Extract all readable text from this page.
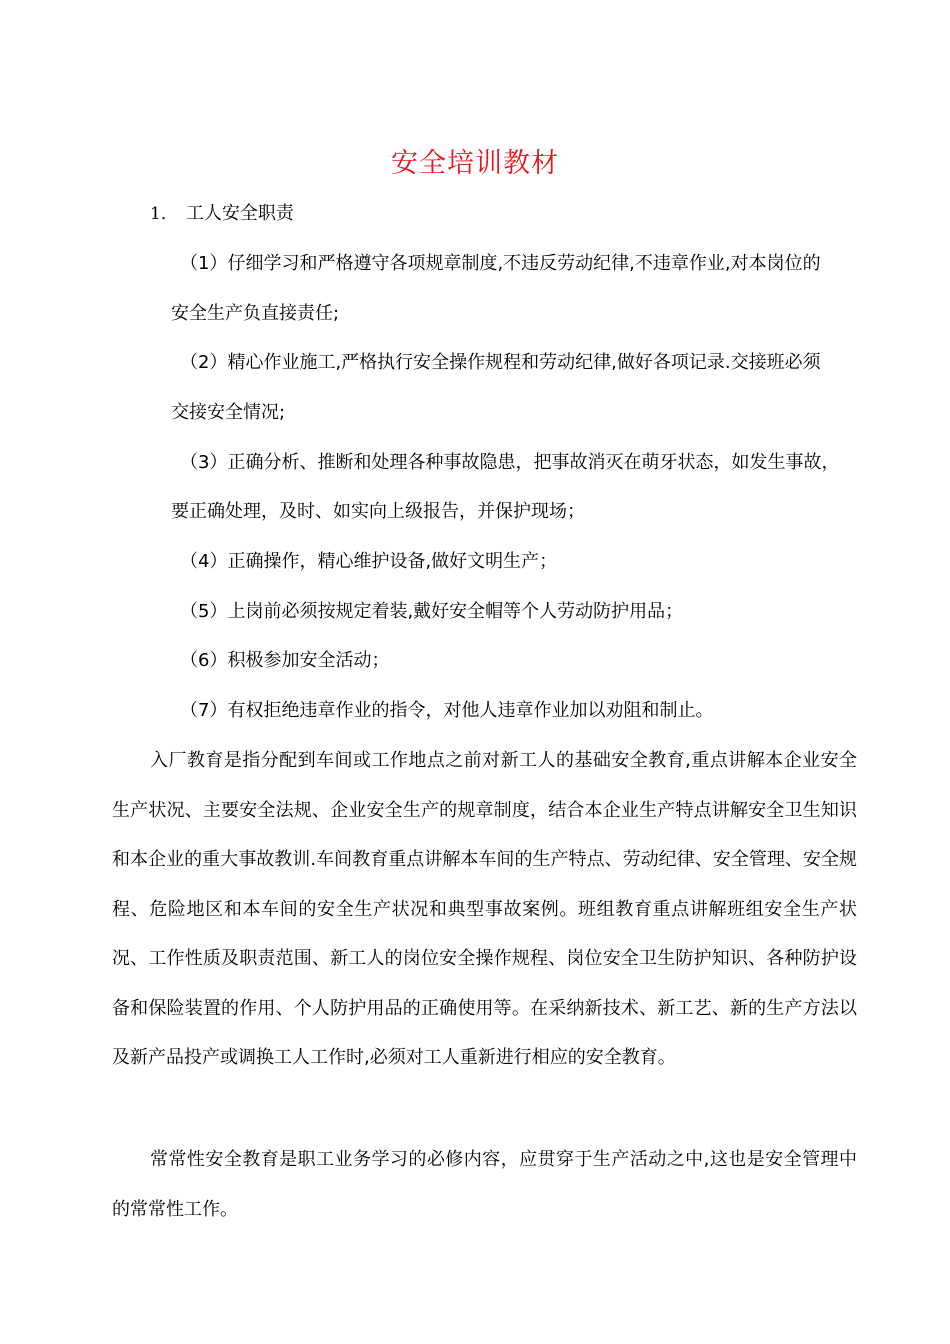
安全培训教材
1． 工人安全职责
（1）仔细学习和严格遵守各项规章制度,不违反劳动纪律,不违章作业,对本岗位的
安全生产负直接责任;
（2）精心作业施工,严格执行安全操作规程和劳动纪律,做好各项记录.交接班必须
交接安全情况;
（3）正确分析、推断和处理各种事故隐患，把事故消灭在萌牙状态，如发生事故，
要正确处理，及时、如实向上级报告，并保护现场；
（4）正确操作，精心维护设备,做好文明生产；
（5）上岗前必须按规定着装,戴好安全帽等个人劳动防护用品；
（6）积极参加安全活动；
（7）有权拒绝违章作业的指令，对他人违章作业加以劝阻和制止。

入厂教育是指分配到车间或工作地点之前对新工人的基础安全教育,重点讲解本企业安全生产状况、主要安全法规、企业安全生产的规章制度，结合本企业生产特点讲解安全卫生知识和本企业的重大事故教训.车间教育重点讲解本车间的生产特点、劳动纪律、安全管理、安全规程、危险地区和本车间的安全生产状况和典型事故案例。班组教育重点讲解班组安全生产状况、工作性质及职责范围、新工人的岗位安全操作规程、岗位安全卫生防护知识、各种防护设备和保险装置的作用、个人防护用品的正确使用等。在采纳新技术、新工艺、新的生产方法以及新产品投产或调换工人工作时,必须对工人重新进行相应的安全教育。

常常性安全教育是职工业务学习的必修内容，应贯穿于生产活动之中,这也是安全管理中的常常性工作。
